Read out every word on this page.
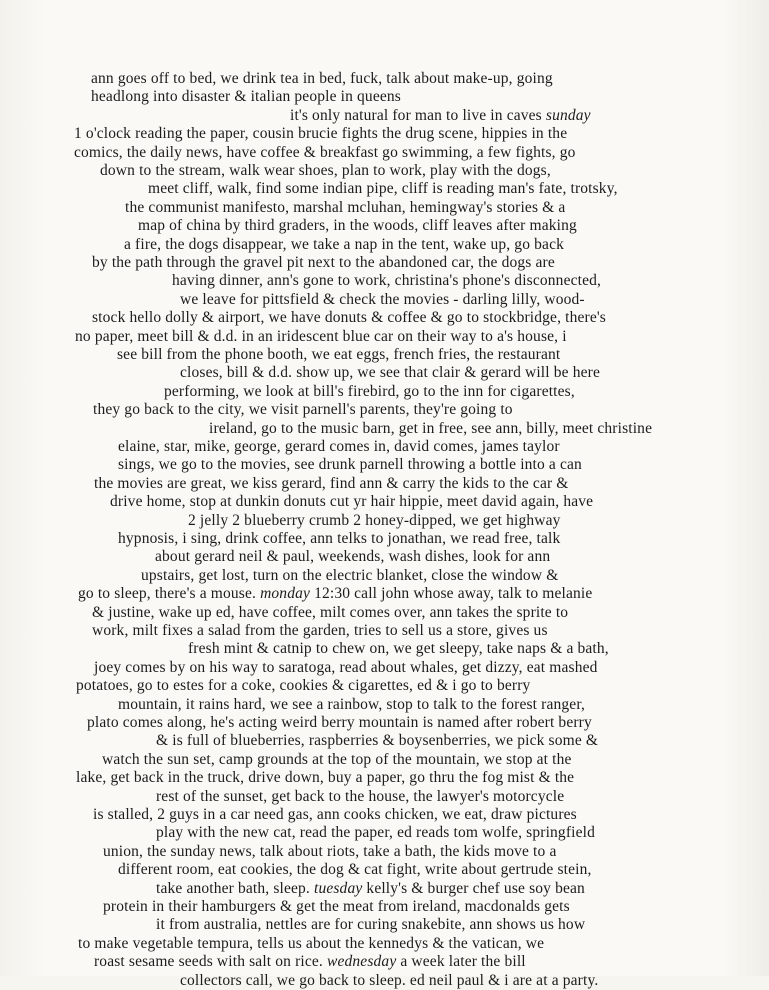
ann goes off to bed, we drink tea in bed, fuck, talk about make-up, going
headlong into disaster & italian people in queens
it's only natural for man to live in caves sunday
1 o'clock reading the paper, cousin brucie fights the drug scene, hippies in the
comics, the daily news, have coffee & breakfast go swimming, a few fights, go
down to the stream, walk wear shoes, plan to work, play with the dogs,
meet cliff, walk, find some indian pipe, cliff is reading man's fate, trotsky,
the communist manifesto, marshal mcluhan, hemingway's stories & a
map of china by third graders, in the woods, cliff leaves after making
a fire, the dogs disappear, we take a nap in the tent, wake up, go back
by the path through the gravel pit next to the abandoned car, the dogs are
having dinner, ann's gone to work, christina's phone's disconnected,
we leave for pittsfield & check the movies - darling lilly, wood-
stock hello dolly & airport, we have donuts & coffee & go to stockbridge, there's
no paper, meet bill & d.d. in an iridescent blue car on their way to a's house, i
see bill from the phone booth, we eat eggs, french fries, the restaurant
closes, bill & d.d. show up, we see that clair & gerard will be here
performing, we look at bill's firebird, go to the inn for cigarettes,
they go back to the city, we visit parnell's parents, they're going to
ireland, go to the music barn, get in free, see ann, billy, meet christine
elaine, star, mike, george, gerard comes in, david comes, james taylor
sings, we go to the movies, see drunk parnell throwing a bottle into a can
the movies are great, we kiss gerard, find ann & carry the kids to the car &
drive home, stop at dunkin donuts cut yr hair hippie, meet david again, have
2 jelly 2 blueberry crumb 2 honey-dipped, we get highway
hypnosis, i sing, drink coffee, ann telks to jonathan, we read free, talk
about gerard neil & paul, weekends, wash dishes, look for ann
upstairs, get lost, turn on the electric blanket, close the window &
go to sleep, there's a mouse. monday 12:30 call john whose away, talk to melanie
& justine, wake up ed, have coffee, milt comes over, ann takes the sprite to
work, milt fixes a salad from the garden, tries to sell us a store, gives us
fresh mint & catnip to chew on, we get sleepy, take naps & a bath,
joey comes by on his way to saratoga, read about whales, get dizzy, eat mashed
potatoes, go to estes for a coke, cookies & cigarettes, ed & i go to berry
mountain, it rains hard, we see a rainbow, stop to talk to the forest ranger,
plato comes along, he's acting weird berry mountain is named after robert berry
& is full of blueberries, raspberries & boysenberries, we pick some &
watch the sun set, camp grounds at the top of the mountain, we stop at the
lake, get back in the truck, drive down, buy a paper, go thru the fog mist & the
rest of the sunset, get back to the house, the lawyer's motorcycle
is stalled, 2 guys in a car need gas, ann cooks chicken, we eat, draw pictures
play with the new cat, read the paper, ed reads tom wolfe, springfield
union, the sunday news, talk about riots, take a bath, the kids move to a
different room, eat cookies, the dog & cat fight, write about gertrude stein,
take another bath, sleep. tuesday kelly's & burger chef use soy bean
protein in their hamburgers & get the meat from ireland, macdonalds gets
it from australia, nettles are for curing snakebite, ann shows us how
to make vegetable tempura, tells us about the kennedys & the vatican, we
roast sesame seeds with salt on rice. wednesday a week later the bill
collectors call, we go back to sleep. ed neil paul & i are at a party.
